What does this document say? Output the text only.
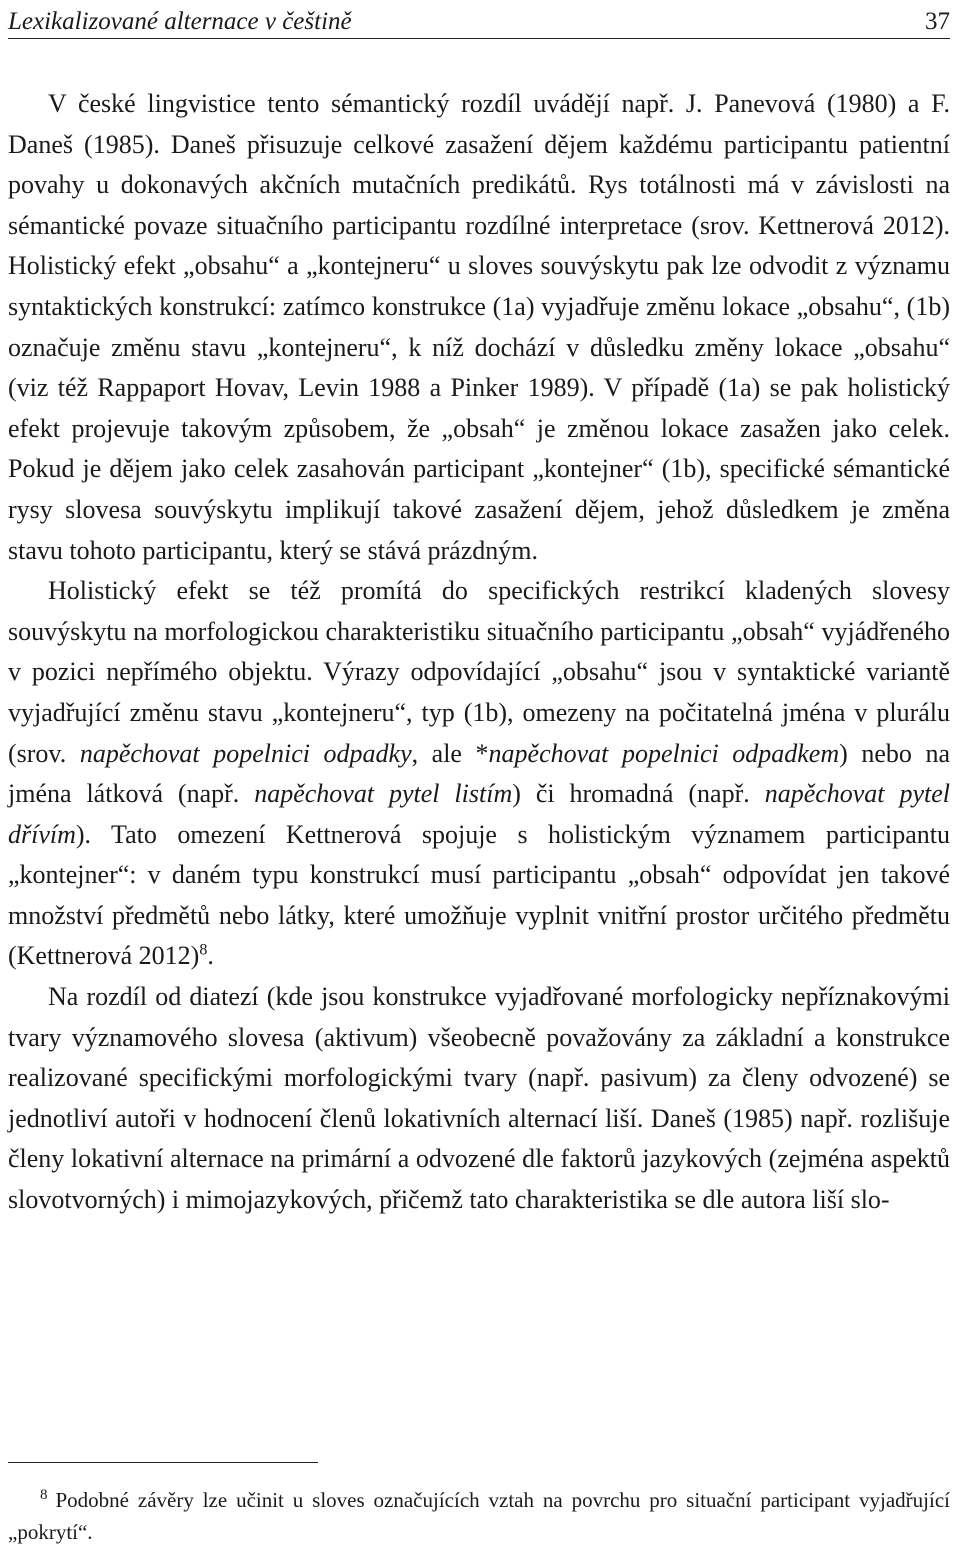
Lexikalizované alternace v češtině	37

V české lingvistice tento sémantický rozdíl uvádějí např. J. Panevová (1980) a F. Daneš (1985). Daneš přisuzuje celkové zasažení dějem každému participantu patientní povahy u dokonavých akčních mutačních predikátů. Rys totálnosti má v závislosti na sémantické povaze situačního participantu rozdílné interpretace (srov. Kettnerová 2012). Holistický efekt „obsahu“ a „kontejneru“ u sloves souvýskytu pak lze odvodit z významu syntaktických konstrukcí: zatímco konstrukce (1a) vyjadřuje změnu lokace „obsahu“, (1b) označuje změnu stavu „kontejneru“, k níž dochází v důsledku změny lokace „obsahu“ (viz též Rappaport Hovav, Levin 1988 a Pinker 1989). V případě (1a) se pak holistický efekt projevuje takovým způsobem, že „obsah“ je změnou lokace zasažen jako celek. Pokud je dějem jako celek zasahován participant „kontejner“ (1b), specifické sémantické rysy slovesa souvýskytu implikují takové zasažení dějem, jehož důsledkem je změna stavu tohoto participantu, který se stává prázdným.

Holistický efekt se též promítá do specifických restrikcí kladených slovesy souvýskytu na morfologickou charakteristiku situačního participantu „obsah“ vyjádřeného v pozici nepřímého objektu. Výrazy odpovídající „obsahu“ jsou v syntaktické variantě vyjadřující změnu stavu „kontejneru“, typ (1b), omezeny na počitatelná jména v plurálu (srov. napěchovat popelnici odpadky, ale *napěchovat popelnici odpadkem) nebo na jména látková (např. napěchovat pytel listím) či hromadná (např. napěchovat pytel dřívím). Tato omezení Kettnerová spojuje s holistickým významem participantu „kontejner“: v daném typu konstrukcí musí participantu „obsah“ odpovídat jen takové množství předmětů nebo látky, které umožňuje vyplnit vnitřní prostor určitého předmětu (Kettnerová 2012)$^8$.

Na rozdíl od diatezí (kde jsou konstrukce vyjadřované morfologicky nepříznakovými tvary významového slovesa (aktivum) všeobecně považovány za základní a konstrukce realizované specifickými morfologickými tvary (např. pasivum) za členy odvozené) se jednotliví autoři v hodnocení členů lokativních alternací liší. Daneš (1985) např. rozlišuje členy lokativní alternace na primární a odvozené dle faktorů jazykových (zejména aspektů slovotvorných) i mimojazykových, přičemž tato charakteristika se dle autora liší slo-

$^8$ Podobné závěry lze učinit u sloves označujících vztah na povrchu pro situační participant vyjadřující „pokrytí“.
